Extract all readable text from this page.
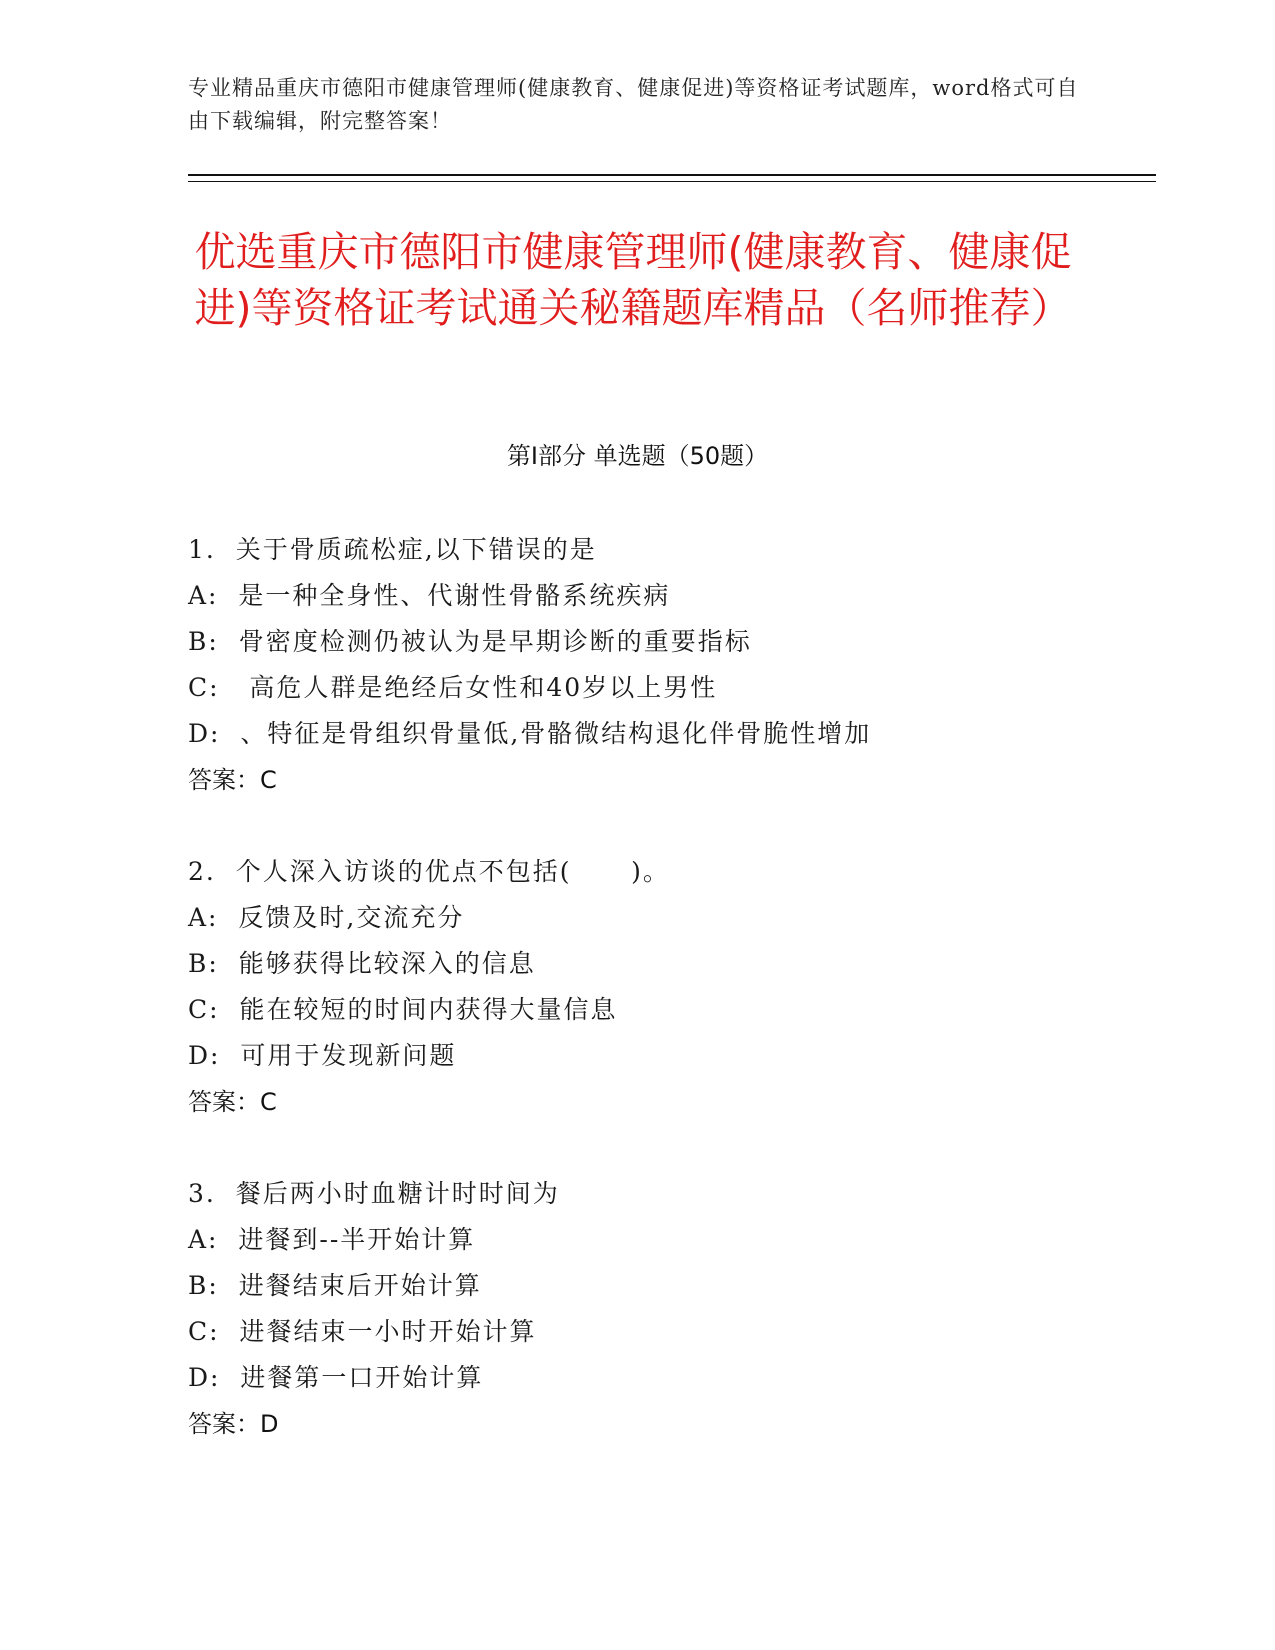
专业精品重庆市德阳市健康管理师(健康教育、健康促进)等资格证考试题库，word格式可自由下载编辑，附完整答案！
优选重庆市德阳市健康管理师(健康教育、健康促进)等资格证考试通关秘籍题库精品（名师推荐）
第Ⅰ部分 单选题（50题）
1.  关于骨质疏松症,以下错误的是
A:  是一种全身性、代谢性骨骼系统疾病
B:  骨密度检测仍被认为是早期诊断的重要指标
C:   高危人群是绝经后女性和40岁以上男性
D:  、特征是骨组织骨量低,骨骼微结构退化伴骨脆性增加
答案：C
2.  个人深入访谈的优点不包括(      )。
A:  反馈及时,交流充分
B:  能够获得比较深入的信息
C:  能在较短的时间内获得大量信息
D:  可用于发现新问题
答案：C
3.  餐后两小时血糖计时时间为
A:  进餐到--半开始计算
B:  进餐结束后开始计算
C:  进餐结束一小时开始计算
D:  进餐第一口开始计算
答案：D
